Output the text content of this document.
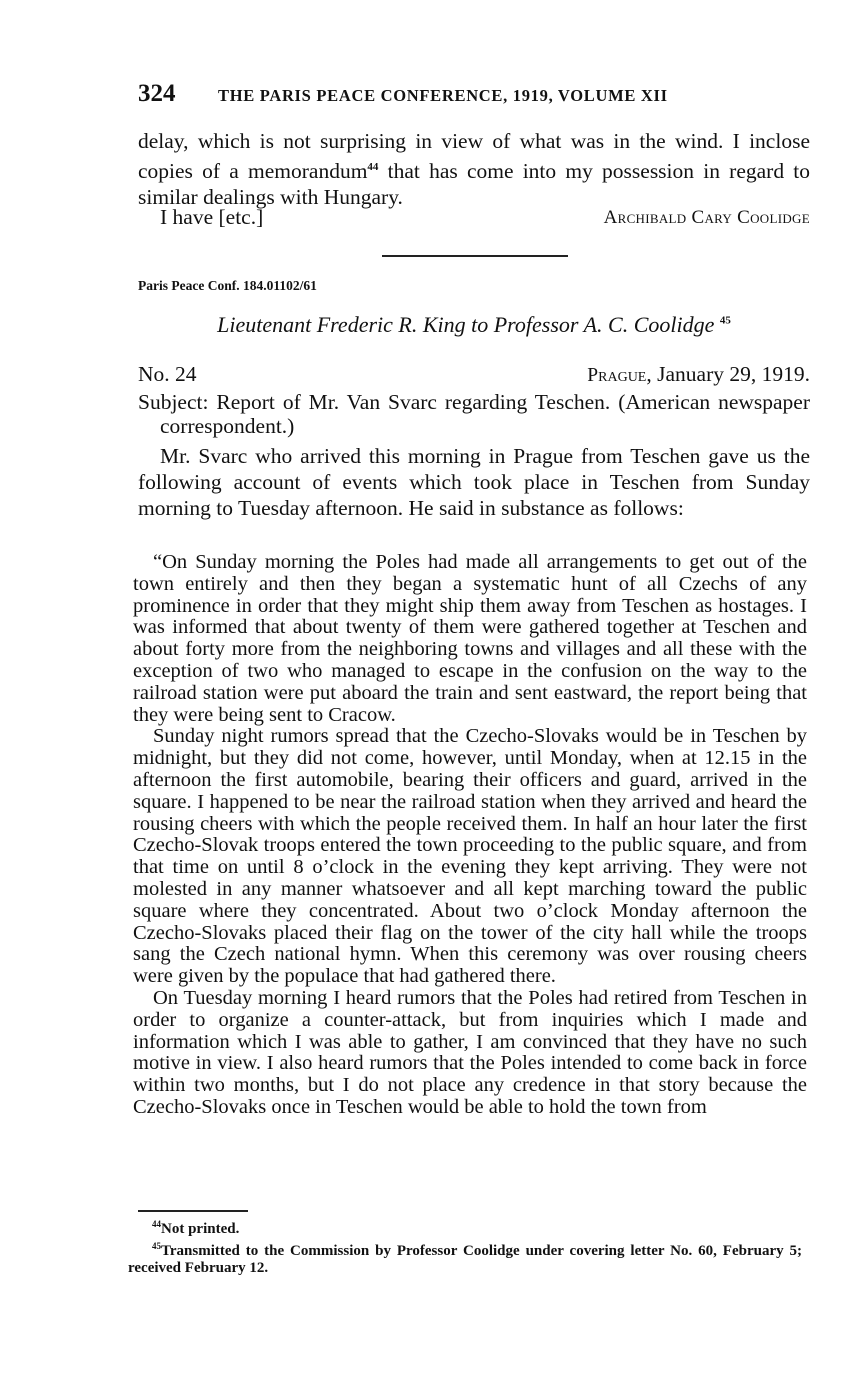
324	THE PARIS PEACE CONFERENCE, 1919, VOLUME XII

delay, which is not surprising in view of what was in the wind. I inclose copies of a memorandum$^{44}$ that has come into my possession in regard to similar dealings with Hungary.

I have [etc.]	Archibald Cary Coolidge
Paris Peace Conf. 184.01102/61
Lieutenant Frederic R. King to Professor A. C. Coolidge $^{45}$
No. 24	Prague, January 29, 1919.

Subject: Report of Mr. Van Svarc regarding Teschen. (American newspaper correspondent.)

Mr. Svarc who arrived this morning in Prague from Teschen gave us the following account of events which took place in Teschen from Sunday morning to Tuesday afternoon. He said in substance as follows:

“On Sunday morning the Poles had made all arrangements to get out of the town entirely and then they began a systematic hunt of all Czechs of any prominence in order that they might ship them away from Teschen as hostages. I was informed that about twenty of them were gathered together at Teschen and about forty more from the neighboring towns and villages and all these with the exception of two who managed to escape in the confusion on the way to the railroad station were put aboard the train and sent eastward, the report being that they were being sent to Cracow.

Sunday night rumors spread that the Czecho-Slovaks would be in Teschen by midnight, but they did not come, however, until Monday, when at 12.15 in the afternoon the first automobile, bearing their officers and guard, arrived in the square. I happened to be near the railroad station when they arrived and heard the rousing cheers with which the people received them. In half an hour later the first Czecho-Slovak troops entered the town proceeding to the public square, and from that time on until 8 o’clock in the evening they kept arriving. They were not molested in any manner whatsoever and all kept marching toward the public square where they concentrated. About two o’clock Monday afternoon the Czecho-Slovaks placed their flag on the tower of the city hall while the troops sang the Czech national hymn. When this ceremony was over rousing cheers were given by the populace that had gathered there.

On Tuesday morning I heard rumors that the Poles had retired from Teschen in order to organize a counter-attack, but from inquiries which I made and information which I was able to gather, I am convinced that they have no such motive in view. I also heard rumors that the Poles intended to come back in force within two months, but I do not place any credence in that story because the Czecho-Slovaks once in Teschen would be able to hold the town from

$^{44}$Not printed.

$^{45}$Transmitted to the Commission by Professor Coolidge under covering letter No. 60, February 5; received February 12.
